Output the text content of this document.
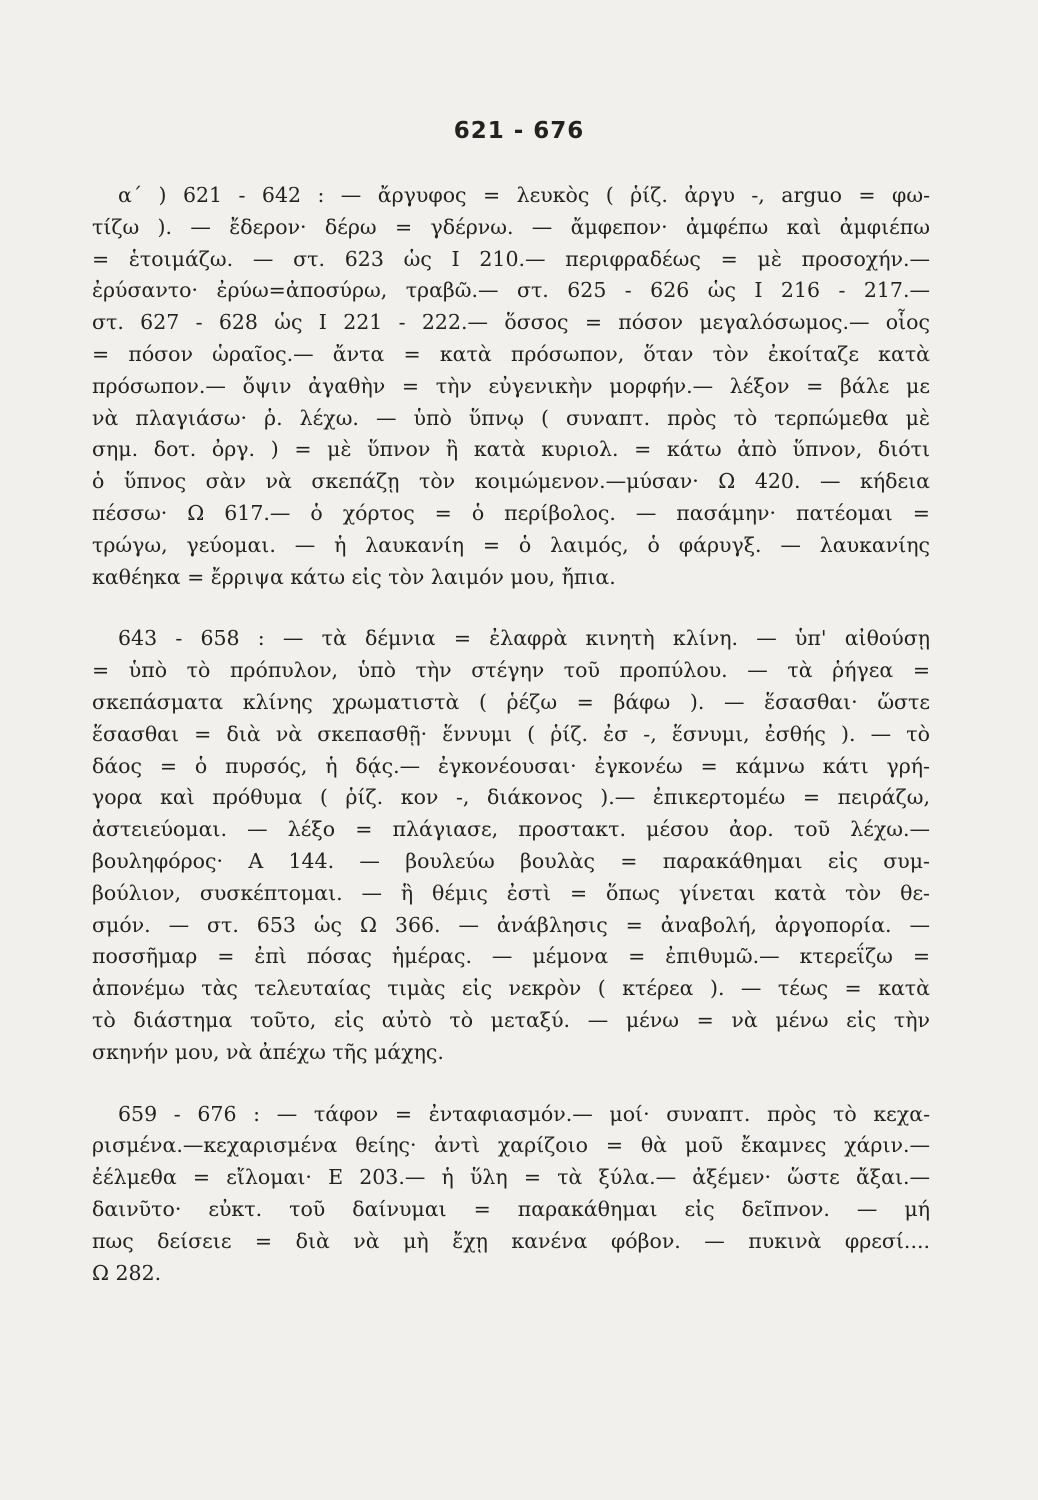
621 - 676
α΄ ) 621 - 642 : — ἄργυφος = λευκὸς ( ῥίζ. ἀργυ -, arguo = φω-
τίζω ). — ἔδερον· δέρω = γδέρνω. — ἄμφεπον· ἀμφέπω καὶ ἀμφιέπω
= ἑτοιμάζω. — στ. 623 ὡς Ι 210.— περιφραδέως = μὲ προσοχήν.—
ἐρύσαντο· ἐρύω=ἀποσύρω, τραβῶ.— στ. 625 - 626 ὡς Ι 216 - 217.—
στ. 627 - 628 ὡς Ι 221 - 222.— ὅσσος = πόσον μεγαλόσωμος.— οἷος
= πόσον ὡραῖος.— ἄντα = κατὰ πρόσωπον, ὅταν τὸν ἐκοίταζε κατὰ
πρόσωπον.— ὄψιν ἀγαθὴν = τὴν εὐγενικὴν μορφήν.— λέξον = βάλε με
νὰ πλαγιάσω· ῥ. λέχω. — ὑπὸ ὕπνῳ ( συναπτ. πρὸς τὸ τερπώμεθα μὲ
σημ. δοτ. ὀργ. ) = μὲ ὕπνον ἢ κατὰ κυριολ. = κάτω ἀπὸ ὕπνον, διότι
ὁ ὕπνος σὰν νὰ σκεπάζῃ τὸν κοιμώμενον.—μύσαν· Ω 420. — κήδεια
πέσσω· Ω 617.— ὁ χόρτος = ὁ περίβολος. — πασάμην· πατέομαι =
τρώγω, γεύομαι. — ἡ λαυκανίη = ὁ λαιμός, ὁ φάρυγξ. — λαυκανίης
καθέηκα = ἔρριψα κάτω εἰς τὸν λαιμόν μου, ἤπια.
643 - 658 : — τὰ δέμνια = ἐλαφρὰ κινητὴ κλίνη. — ὑπ' αἰθούσῃ
= ὑπὸ τὸ πρόπυλον, ὑπὸ τὴν στέγην τοῦ προπύλου. — τὰ ῥήγεα =
σκεπάσματα κλίνης χρωματιστὰ ( ῥέζω = βάφω ). — ἕσασθαι· ὥστε
ἕσασθαι = διὰ νὰ σκεπασθῇ· ἕννυμι ( ῥίζ. ἐσ -, ἕσνυμι, ἐσθής ). — τὸ
δάος = ὁ πυρσός, ἡ δᾴς.— ἐγκονέουσαι· ἐγκονέω = κάμνω κάτι γρή-
γορα καὶ πρόθυμα ( ῥίζ. κον -, διάκονος ).— ἐπικερτομέω = πειράζω,
ἀστειεύομαι. — λέξο = πλάγιασε, προστακτ. μέσου ἀορ. τοῦ λέχω.—
βουληφόρος· Α 144. — βουλεύω βουλὰς = παρακάθημαι εἰς συμ-
βούλιον, συσκέπτομαι. — ἣ θέμις ἐστὶ = ὅπως γίνεται κατὰ τὸν θε-
σμόν. — στ. 653 ὡς Ω 366. — ἀνάβλησις = ἀναβολή, ἀργοπορία. —
ποσσῆμαρ = ἐπὶ πόσας ἡμέρας. — μέμονα = ἐπιθυμῶ.— κτερεΐζω =
ἀπονέμω τὰς τελευταίας τιμὰς εἰς νεκρὸν ( κτέρεα ). — τέως = κατὰ
τὸ διάστημα τοῦτο, εἰς αὐτὸ τὸ μεταξύ. — μένω = νὰ μένω εἰς τὴν
σκηνήν μου, νὰ ἀπέχω τῆς μάχης.
659 - 676 : — τάφον = ἐνταφιασμόν.— μοί· συναπτ. πρὸς τὸ κεχα-
ρισμένα.—κεχαρισμένα θείης· ἀντὶ χαρίζοιο = θὰ μοῦ ἔκαμνες χάριν.—
ἐέλμεθα = εἴλομαι· Ε 203.— ἡ ὕλη = τὰ ξύλα.— ἀξέμεν· ὥστε ἄξαι.—
δαινῦτο· εὐκτ. τοῦ δαίνυμαι = παρακάθημαι εἰς δεῖπνον. — μή
πως δείσειε = διὰ νὰ μὴ ἔχῃ κανένα φόβον. — πυκινὰ φρεσί....
Ω 282.
